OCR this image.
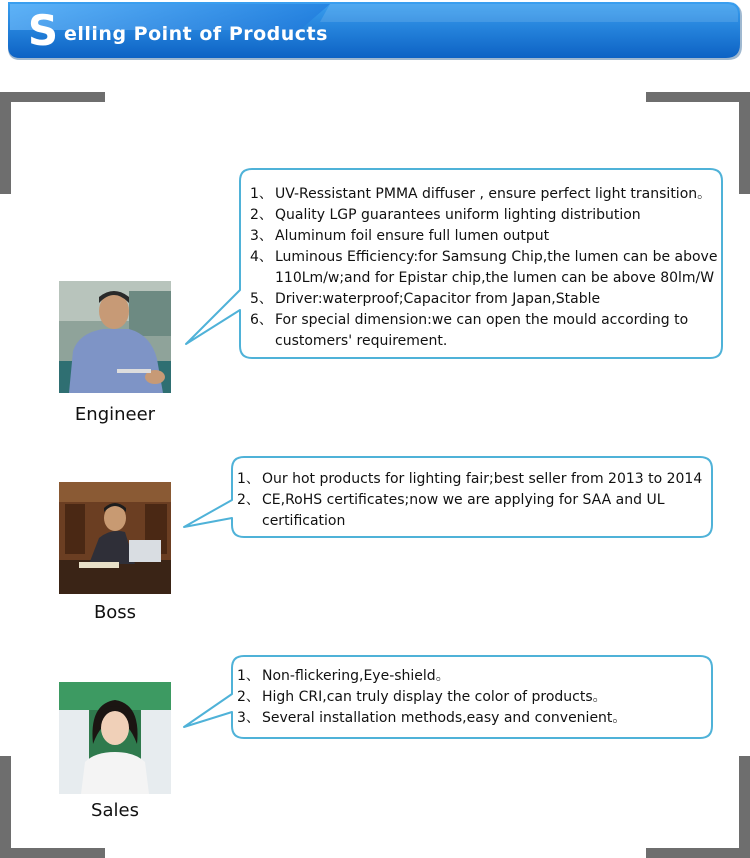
S elling Point of Products
Engineer
1、 UV-Ressistant PMMA diffuser , ensure perfect light transition。
2、 Quality LGP guarantees uniform lighting distribution
3、 Aluminum foil ensure full lumen output
4、 Luminous Efficiency:for Samsung Chip,the lumen can be above 110Lm/w;and for Epistar chip,the lumen can be above 80lm/W
5、 Driver:waterproof;Capacitor from Japan,Stable
6、 For special dimension:we can open the mould according to customers' requirement.
Boss
1、 Our hot products for lighting fair;best seller from 2013 to 2014
2、 CE,RoHS certificates;now we are applying for SAA and UL certification
Sales
1、 Non-flickering,Eye-shield。
2、 High CRI,can truly display the color of products。
3、 Several installation methods,easy and convenient。
